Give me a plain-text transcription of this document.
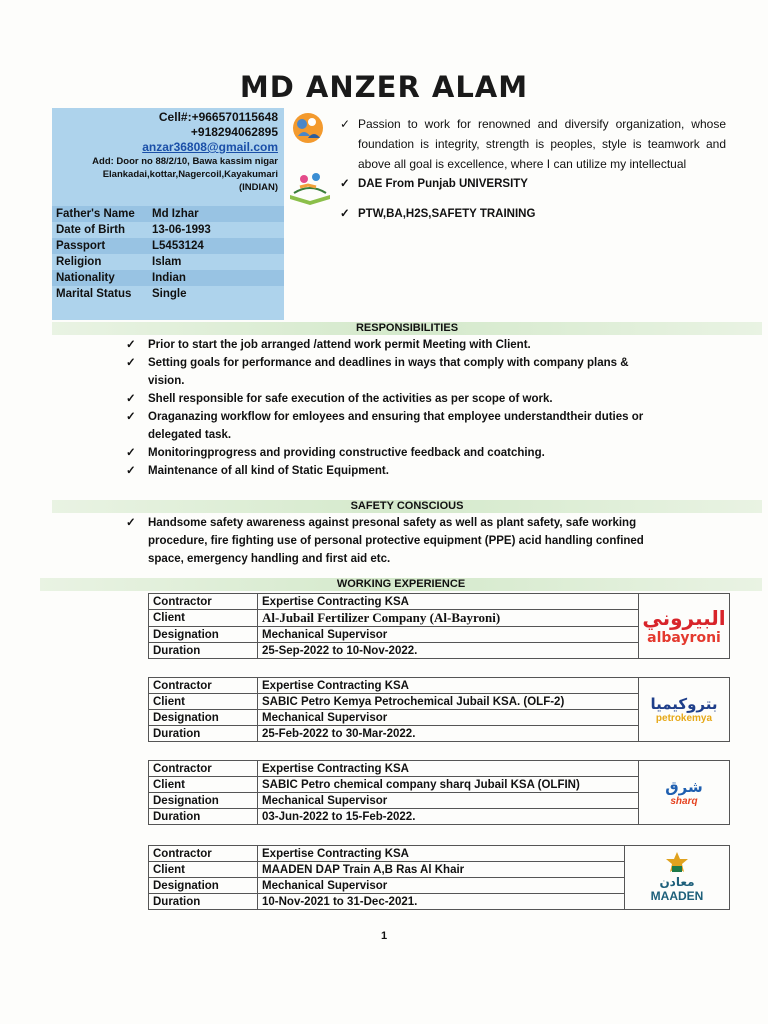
MD ANZER ALAM
Cell#:+966570115648
+918294062895
anzar36808@gmail.com
Add: Door no 88/2/10, Bawa kassim nigar
Elankadai,kottar,Nagercoil,Kayakumari
(INDIAN)
Father's Name Md Izhar
Date of Birth 13-06-1993
Passport	L5453124
Religion	Islam
Nationality	Indian
Marital Status Single
✓ Passion to work for renowned and diversify organization, whose foundation is integrity, strength is peoples, style is teamwork and above all goal is excellence, where I can utilize my intellectual
✓ DAE From Punjab UNIVERSITY
✓ PTW,BA,H2S,SAFETY TRAINING
RESPONSIBILITIES
✓ Prior to start the job arranged /attend work permit Meeting with Client.
✓ Setting goals for performance and deadlines in ways that comply with company plans & vision.
✓ Shell responsible for safe execution of the activities as per scope of work.
✓ Oraganazing workflow for emloyees and ensuring that employee understandtheir duties or delegated task.
✓ Monitoringprogress and providing constructive feedback and coatching.
✓ Maintenance of all kind of Static Equipment.
SAFETY CONSCIOUS
✓ Handsome safety awareness against presonal safety as well as plant safety, safe working procedure, fire fighting use of personal protective equipment (PPE) acid handling confined space, emergency handling and first aid etc.
WORKING EXPERIENCE
Contractor	Expertise Contracting KSA	البيروني
albayroni

Client	Al-Jubail Fertilizer Company (Al-Bayroni)	
Designation	Mechanical Supervisor	
Duration	25-Sep-2022 to 10-Nov-2022.	
Contractor	Expertise Contracting KSA	بتروكيميا
petrokemya

Client	SABIC Petro Kemya Petrochemical Jubail KSA. (OLF-2)	
Designation	Mechanical Supervisor	
Duration	25-Feb-2022 to 30-Mar-2022.	
Contractor	Expertise Contracting KSA	شرق
sharq

Client	SABIC Petro chemical company sharq Jubail KSA (OLFIN)	
Designation	Mechanical Supervisor	
Duration	03-Jun-2022 to 15-Feb-2022.	
Contractor	Expertise Contracting KSA	معادن
MAADEN

Client	MAADEN DAP Train A,B Ras Al Khair	
Designation	Mechanical Supervisor	
Duration	10-Nov-2021 to 31-Dec-2021.	
1
